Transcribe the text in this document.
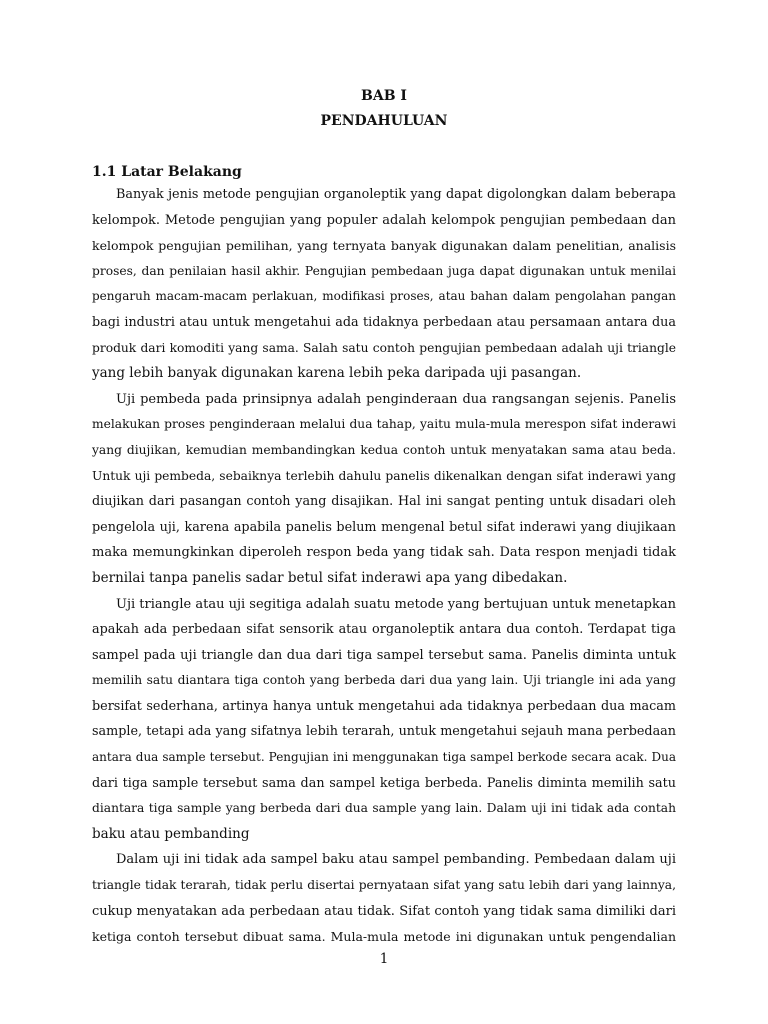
BAB I
PENDAHULUAN
1.1 Latar Belakang
Banyak jenis metode pengujian organoleptik yang dapat digolongkan dalam beberapa
kelompok. Metode pengujian yang populer adalah kelompok pengujian pembedaan dan
kelompok pengujian pemilihan, yang ternyata banyak digunakan dalam penelitian, analisis
proses, dan penilaian hasil akhir. Pengujian pembedaan juga dapat digunakan untuk menilai
pengaruh macam-macam perlakuan, modifikasi proses, atau bahan dalam pengolahan pangan
bagi industri atau untuk mengetahui ada tidaknya perbedaan atau persamaan antara dua
produk dari komoditi yang sama. Salah satu contoh pengujian pembedaan adalah uji triangle
yang lebih banyak digunakan karena lebih peka daripada uji pasangan.
Uji pembeda pada prinsipnya adalah penginderaan dua rangsangan sejenis. Panelis
melakukan proses penginderaan melalui dua tahap, yaitu mula-mula merespon sifat inderawi
yang diujikan, kemudian membandingkan kedua contoh untuk menyatakan sama atau beda.
Untuk uji pembeda, sebaiknya terlebih dahulu panelis dikenalkan dengan sifat inderawi yang
diujikan dari pasangan contoh yang disajikan. Hal ini sangat penting untuk disadari oleh
pengelola uji, karena apabila panelis belum mengenal betul sifat inderawi yang diujikaan
maka memungkinkan diperoleh respon beda yang tidak sah. Data respon menjadi tidak
bernilai tanpa panelis sadar betul sifat inderawi apa yang dibedakan.
Uji triangle atau uji segitiga adalah suatu metode yang bertujuan untuk menetapkan
apakah ada perbedaan sifat sensorik atau organoleptik antara dua contoh. Terdapat tiga
sampel pada uji triangle dan dua dari tiga sampel tersebut sama. Panelis diminta untuk
memilih satu diantara tiga contoh yang berbeda dari dua yang lain. Uji triangle ini ada yang
bersifat sederhana, artinya hanya untuk mengetahui ada tidaknya perbedaan dua macam
sample, tetapi ada yang sifatnya lebih terarah, untuk mengetahui sejauh mana perbedaan
antara dua sample tersebut. Pengujian ini menggunakan tiga sampel berkode secara acak. Dua
dari tiga sample tersebut sama dan sampel ketiga berbeda. Panelis diminta memilih satu
diantara tiga sample yang berbeda dari dua sample yang lain. Dalam uji ini tidak ada contah
baku atau pembanding
Dalam uji ini tidak ada sampel baku atau sampel pembanding. Pembedaan dalam uji
triangle tidak terarah, tidak perlu disertai pernyataan sifat yang satu lebih dari yang lainnya,
cukup menyatakan ada perbedaan atau tidak. Sifat contoh yang tidak sama dimiliki dari
ketiga contoh tersebut dibuat sama. Mula-mula metode ini digunakan untuk pengendalian
1
